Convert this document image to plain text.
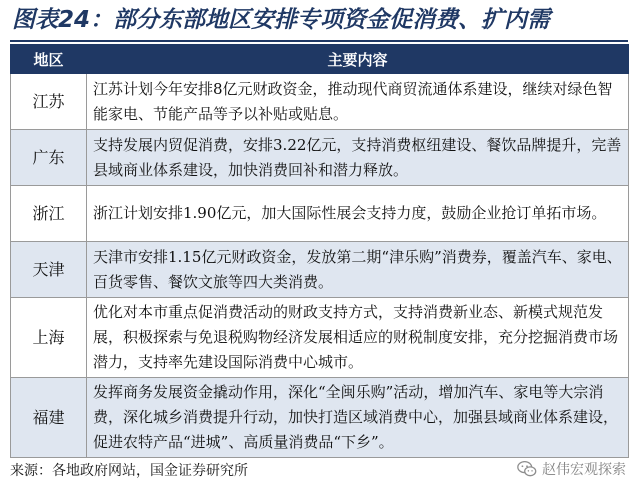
图表24：部分东部地区安排专项资金促消费、扩内需
地区	主要内容
江苏	江苏计划今年安排8亿元财政资金，推动现代商贸流通体系建设，继续对绿色智能家电、节能产品等予以补贴或贴息。
广东	支持发展内贸促消费，安排3.22亿元，支持消费枢纽建设、餐饮品牌提升，完善县域商业体系建设，加快消费回补和潜力释放。
浙江	浙江计划安排1.90亿元，加大国际性展会支持力度，鼓励企业抢订单拓市场。
天津	天津市安排1.15亿元财政资金，发放第二期“津乐购”消费券，覆盖汽车、家电、百货零售、餐饮文旅等四大类消费。
上海	优化对本市重点促消费活动的财政支持方式，支持消费新业态、新模式规范发展，积极探索与免退税购物经济发展相适应的财税制度安排，充分挖掘消费市场潜力，支持率先建设国际消费中心城市。
福建	发挥商务发展资金撬动作用，深化“全闽乐购”活动，增加汽车、家电等大宗消费，深化城乡消费提升行动，加快打造区域消费中心，加强县域商业体系建设，促进农特产品“进城”、高质量消费品“下乡”。
来源：各地政府网站，国金证券研究所	赵伟宏观探索
